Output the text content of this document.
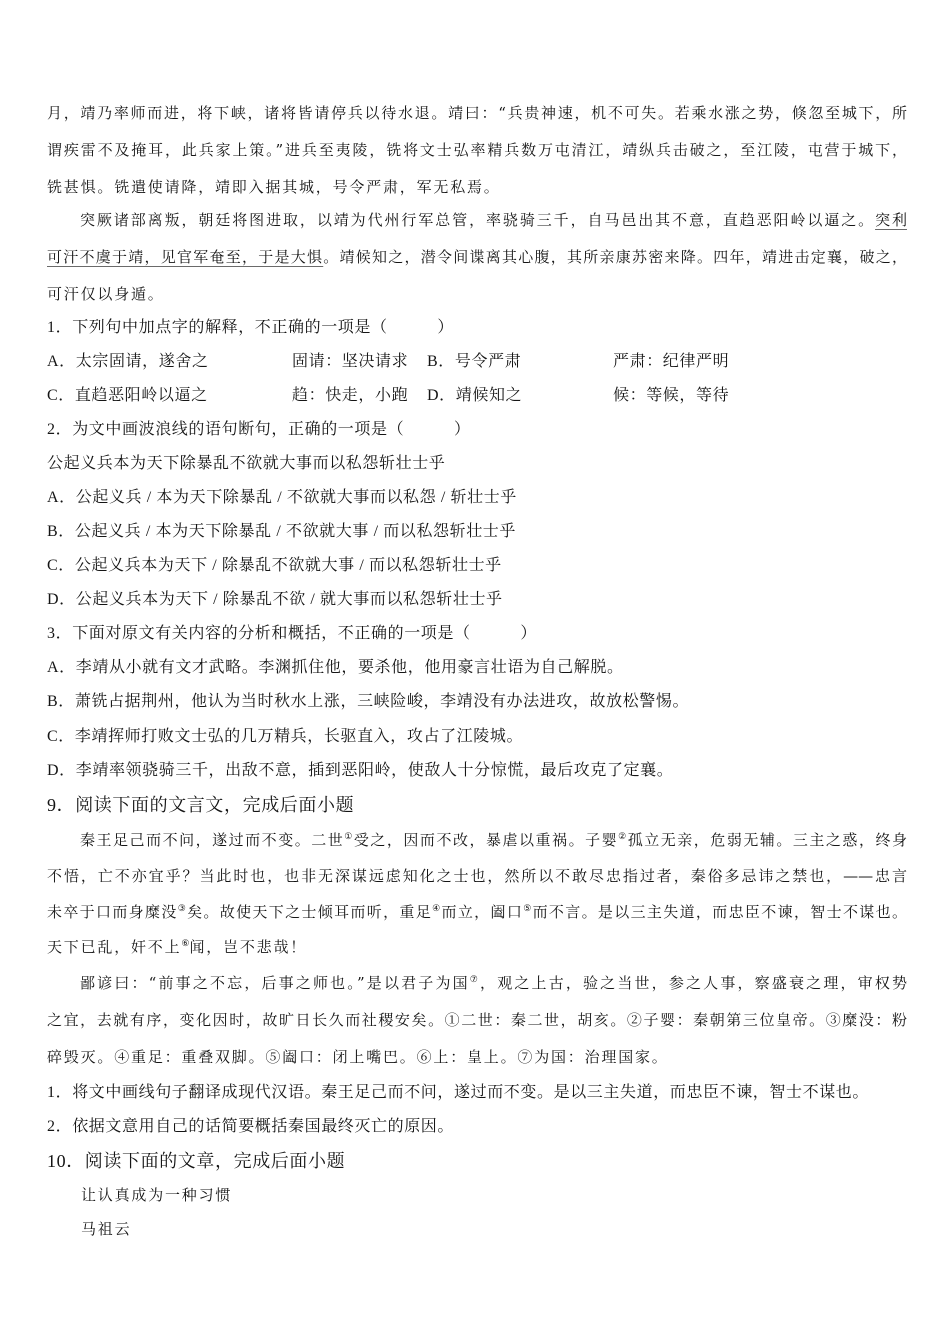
月，靖乃率师而进，将下峡，诸将皆请停兵以待水退。靖曰：“兵贵神速，机不可失。若乘水涨之势，倏忽至城下，所
谓疾雷不及掩耳，此兵家上策。”进兵至夷陵，铣将文士弘率精兵数万屯清江，靖纵兵击破之，至江陵，屯营于城下，
铣甚惧。铣遣使请降，靖即入据其城，号令严肃，军无私焉。
突厥诸部离叛，朝廷将图进取，以靖为代州行军总管，率骁骑三千，自马邑出其不意，直趋恶阳岭以逼之。突利
可汗不虞于靖，见官军奄至，于是大惧。靖候知之，潜令间谍离其心腹，其所亲康苏密来降。四年，靖进击定襄，破之，
可汗仅以身遁。
1．下列句中加点字的解释，不正确的一项是（　　　）
A．太宗固请，遂舍之	固请：坚决请求 B．号令严肃	严肃：纪律严明
C．直趋恶阳岭以逼之	趋：快走，小跑 D．靖候知之	候：等候，等待
2．为文中画波浪线的语句断句，正确的一项是（　　　）
公起义兵本为天下除暴乱不欲就大事而以私怨斩壮士乎
A．公起义兵 / 本为天下除暴乱 / 不欲就大事而以私怨 / 斩壮士乎
B．公起义兵 / 本为天下除暴乱 / 不欲就大事 / 而以私怨斩壮士乎
C．公起义兵本为天下 / 除暴乱不欲就大事 / 而以私怨斩壮士乎
D．公起义兵本为天下 / 除暴乱不欲 / 就大事而以私怨斩壮士乎
3．下面对原文有关内容的分析和概括，不正确的一项是（　　　）
A．李靖从小就有文才武略。李渊抓住他，要杀他，他用豪言壮语为自己解脱。
B．萧铣占据荆州，他认为当时秋水上涨，三峡险峻，李靖没有办法进攻，故放松警惕。
C．李靖挥师打败文士弘的几万精兵，长驱直入，攻占了江陵城。
D．李靖率领骁骑三千，出敌不意，插到恶阳岭，使敌人十分惊慌，最后攻克了定襄。
9．阅读下面的文言文，完成后面小题
秦王足己而不问，遂过而不变。二世①受之，因而不改，暴虐以重祸。子婴②孤立无亲，危弱无辅。三主之惑，终身
不悟，亡不亦宜乎？当此时也，也非无深谋远虑知化之士也，然所以不敢尽忠指过者，秦俗多忌讳之禁也，——忠言
未卒于口而身糜没③矣。故使天下之士倾耳而听，重足④而立，阖口⑤而不言。是以三主失道，而忠臣不谏，智士不谋也。
天下已乱，奸不上⑥闻，岂不悲哉！
鄙谚曰：“前事之不忘，后事之师也。”是以君子为国⑦，观之上古，验之当世，参之人事，察盛衰之理，审权势
之宜，去就有序，变化因时，故旷日长久而社稷安矣。①二世：秦二世，胡亥。②子婴：秦朝第三位皇帝。③糜没：粉
碎毁灭。④重足：重叠双脚。⑤阖口：闭上嘴巴。⑥上：皇上。⑦为国：治理国家。
1．将文中画线句子翻译成现代汉语。秦王足己而不问，遂过而不变。是以三主失道，而忠臣不谏，智士不谋也。
2．依据文意用自己的话简要概括秦国最终灭亡的原因。
10．阅读下面的文章，完成后面小题
让认真成为一种习惯
马祖云
